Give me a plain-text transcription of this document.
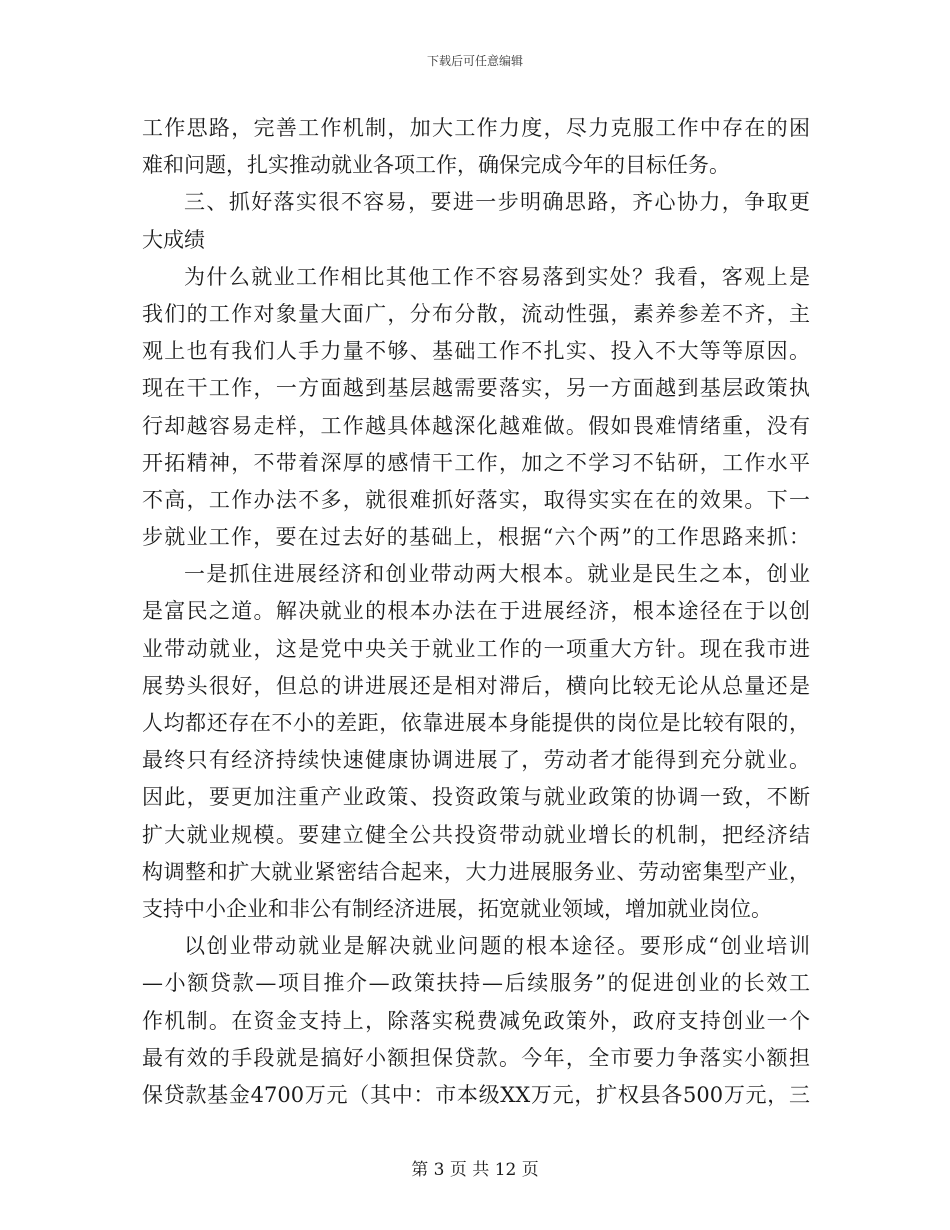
下载后可任意编辑
工作思路，完善工作机制，加大工作力度，尽力克服工作中存在的困
难和问题，扎实推动就业各项工作，确保完成今年的目标任务。
三、抓好落实很不容易，要进一步明确思路，齐心协力，争取更
大成绩
为什么就业工作相比其他工作不容易落到实处？我看，客观上是
我们的工作对象量大面广，分布分散，流动性强，素养参差不齐，主
观上也有我们人手力量不够、基础工作不扎实、投入不大等等原因。
现在干工作，一方面越到基层越需要落实，另一方面越到基层政策执
行却越容易走样，工作越具体越深化越难做。假如畏难情绪重，没有
开拓精神，不带着深厚的感情干工作，加之不学习不钻研，工作水平
不高，工作办法不多，就很难抓好落实，取得实实在在的效果。下一
步就业工作，要在过去好的基础上，根据“六个两”的工作思路来抓：
一是抓住进展经济和创业带动两大根本。就业是民生之本，创业
是富民之道。解决就业的根本办法在于进展经济，根本途径在于以创
业带动就业，这是党中央关于就业工作的一项重大方针。现在我市进
展势头很好，但总的讲进展还是相对滞后，横向比较无论从总量还是
人均都还存在不小的差距，依靠进展本身能提供的岗位是比较有限的，
最终只有经济持续快速健康协调进展了，劳动者才能得到充分就业。
因此，要更加注重产业政策、投资政策与就业政策的协调一致，不断
扩大就业规模。要建立健全公共投资带动就业增长的机制，把经济结
构调整和扩大就业紧密结合起来，大力进展服务业、劳动密集型产业，
支持中小企业和非公有制经济进展，拓宽就业领域，增加就业岗位。
以创业带动就业是解决就业问题的根本途径。要形成“创业培训
—小额贷款—项目推介—政策扶持—后续服务”的促进创业的长效工
作机制。在资金支持上，除落实税费减免政策外，政府支持创业一个
最有效的手段就是搞好小额担保贷款。今年，全市要力争落实小额担
保贷款基金4700万元（其中：市本级XX万元，扩权县各500万元，三
第 3 页 共 12 页
